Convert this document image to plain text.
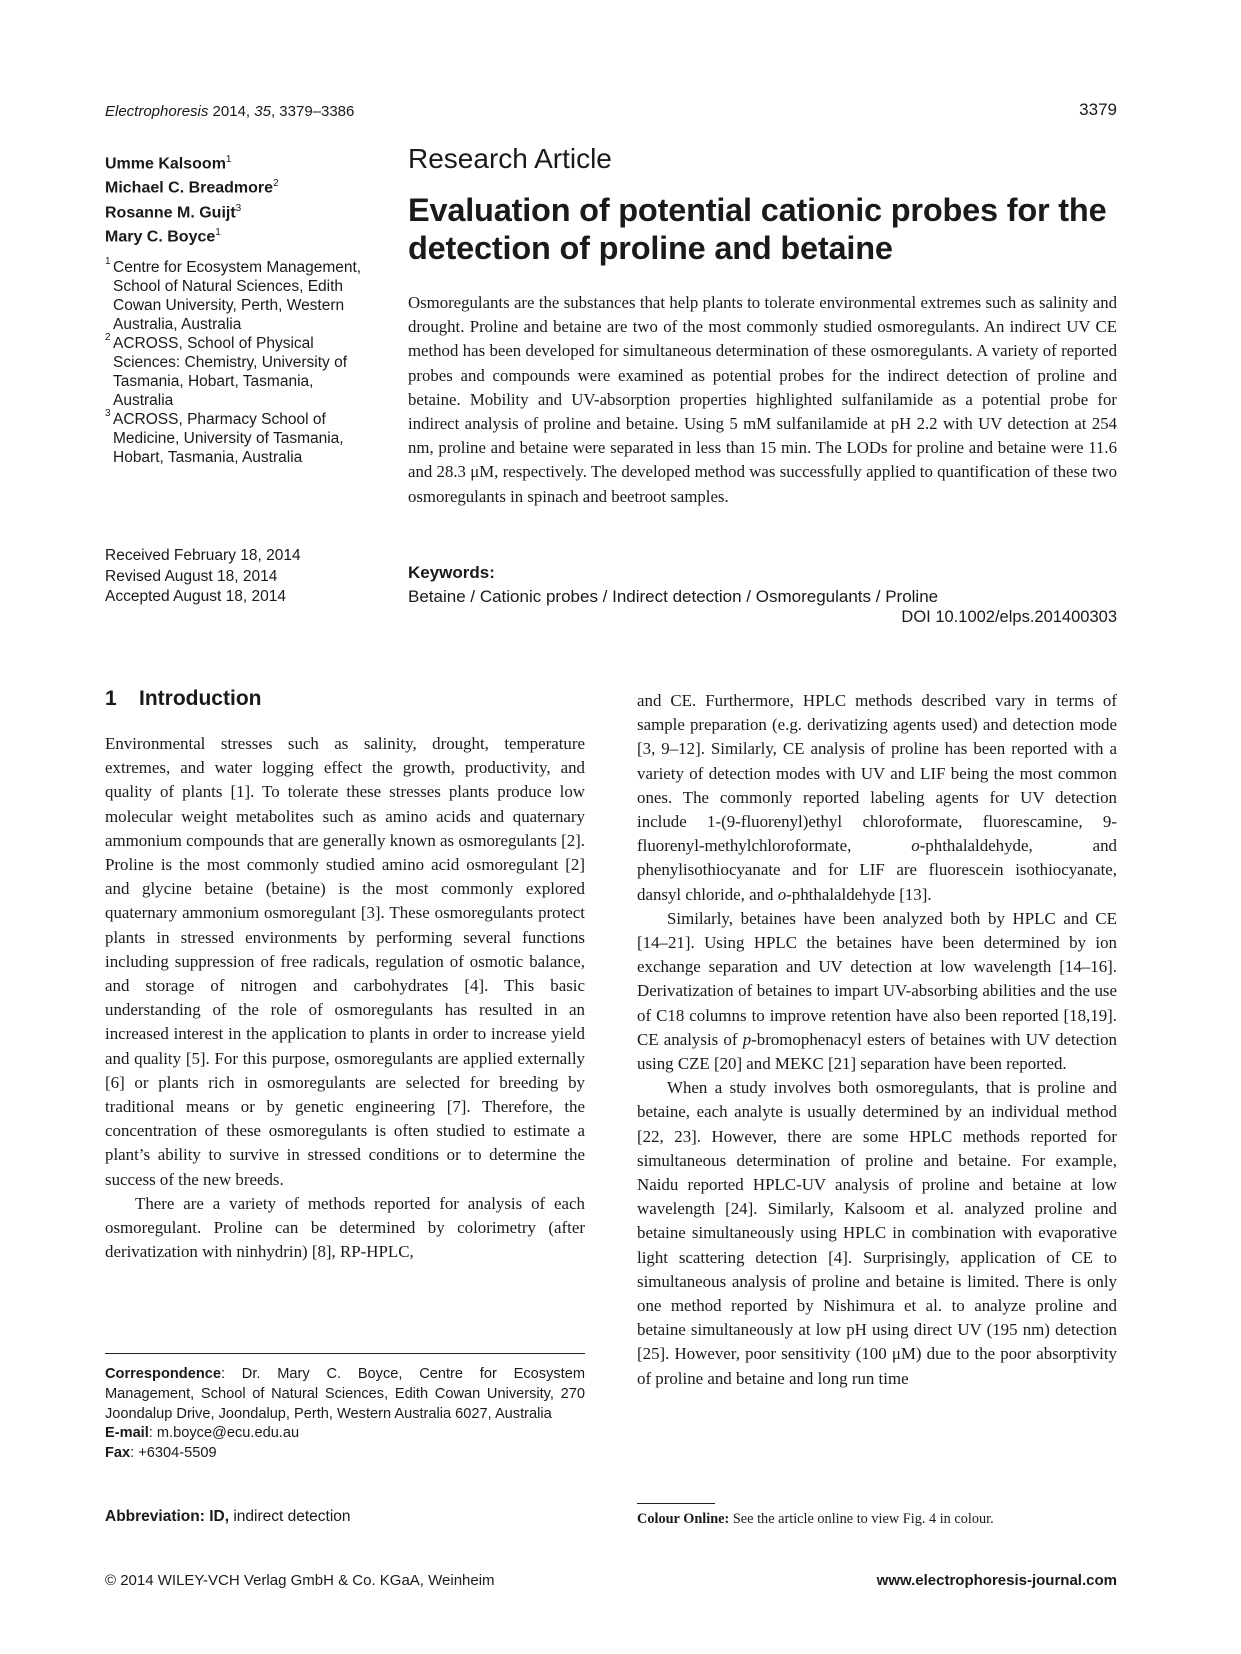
Electrophoresis 2014, 35, 3379–3386	3379
Umme Kalsoom$^1$
Michael C. Breadmore$^2$
Rosanne M. Guijt$^3$
Mary C. Boyce$^1$
1 Centre for Ecosystem Management, School of Natural Sciences, Edith Cowan University, Perth, Western Australia, Australia
2 ACROSS, School of Physical Sciences: Chemistry, University of Tasmania, Hobart, Tasmania, Australia
3 ACROSS, Pharmacy School of Medicine, University of Tasmania, Hobart, Tasmania, Australia
Received February 18, 2014
Revised August 18, 2014
Accepted August 18, 2014
Research Article
Evaluation of potential cationic probes for the detection of proline and betaine
Osmoregulants are the substances that help plants to tolerate environmental extremes such as salinity and drought. Proline and betaine are two of the most commonly studied osmoregulants. An indirect UV CE method has been developed for simultaneous determination of these osmoregulants. A variety of reported probes and compounds were examined as potential probes for the indirect detection of proline and betaine. Mobility and UV-absorption properties highlighted sulfanilamide as a potential probe for indirect analysis of proline and betaine. Using 5 mM sulfanilamide at pH 2.2 with UV detection at 254 nm, proline and betaine were separated in less than 15 min. The LODs for proline and betaine were 11.6 and 28.3 μM, respectively. The developed method was successfully applied to quantification of these two osmoregulants in spinach and beetroot samples.
Keywords:
Betaine / Cationic probes / Indirect detection / Osmoregulants / Proline
DOI 10.1002/elps.201400303
1 Introduction

Environmental stresses such as salinity, drought, temperature extremes, and water logging effect the growth, productivity, and quality of plants [1]. To tolerate these stresses plants produce low molecular weight metabolites such as amino acids and quaternary ammonium compounds that are generally known as osmoregulants [2]. Proline is the most commonly studied amino acid osmoregulant [2] and glycine betaine (betaine) is the most commonly explored quaternary ammonium osmoregulant [3]. These osmoregulants protect plants in stressed environments by performing several functions including suppression of free radicals, regulation of osmotic balance, and storage of nitrogen and carbohydrates [4]. This basic understanding of the role of osmoregulants has resulted in an increased interest in the application to plants in order to increase yield and quality [5]. For this purpose, osmoregulants are applied externally [6] or plants rich in osmoregulants are selected for breeding by traditional means or by genetic engineering [7]. Therefore, the concentration of these osmoregulants is often studied to estimate a plant’s ability to survive in stressed conditions or to determine the success of the new breeds.

There are a variety of methods reported for analysis of each osmoregulant. Proline can be determined by colorimetry (after derivatization with ninhydrin) [8], RP-HPLC,

and CE. Furthermore, HPLC methods described vary in terms of sample preparation (e.g. derivatizing agents used) and detection mode [3, 9–12]. Similarly, CE analysis of proline has been reported with a variety of detection modes with UV and LIF being the most common ones. The commonly reported labeling agents for UV detection include 1-(9-fluorenyl)ethyl chloroformate, fluorescamine, 9-fluorenyl-methylchloroformate, o-phthalaldehyde, and phenylisothiocyanate and for LIF are fluorescein isothiocyanate, dansyl chloride, and o-phthalaldehyde [13].

Similarly, betaines have been analyzed both by HPLC and CE [14–21]. Using HPLC the betaines have been determined by ion exchange separation and UV detection at low wavelength [14–16]. Derivatization of betaines to impart UV-absorbing abilities and the use of C18 columns to improve retention have also been reported [18,19]. CE analysis of p-bromophenacyl esters of betaines with UV detection using CZE [20] and MEKC [21] separation have been reported.

When a study involves both osmoregulants, that is proline and betaine, each analyte is usually determined by an individual method [22, 23]. However, there are some HPLC methods reported for simultaneous determination of proline and betaine. For example, Naidu reported HPLC-UV analysis of proline and betaine at low wavelength [24]. Similarly, Kalsoom et al. analyzed proline and betaine simultaneously using HPLC in combination with evaporative light scattering detection [4]. Surprisingly, application of CE to simultaneous analysis of proline and betaine is limited. There is only one method reported by Nishimura et al. to analyze proline and betaine simultaneously at low pH using direct UV (195 nm) detection [25]. However, poor sensitivity (100 μM) due to the poor absorptivity of proline and betaine and long run time

Correspondence: Dr. Mary C. Boyce, Centre for Ecosystem Management, School of Natural Sciences, Edith Cowan University, 270 Joondalup Drive, Joondalup, Perth, Western Australia 6027, Australia
E-mail: m.boyce@ecu.edu.au
Fax: +6304-5509
Abbreviation: ID, indirect detection	Colour Online: See the article online to view Fig. 4 in colour.
© 2014 WILEY-VCH Verlag GmbH & Co. KGaA, Weinheim	www.electrophoresis-journal.com
